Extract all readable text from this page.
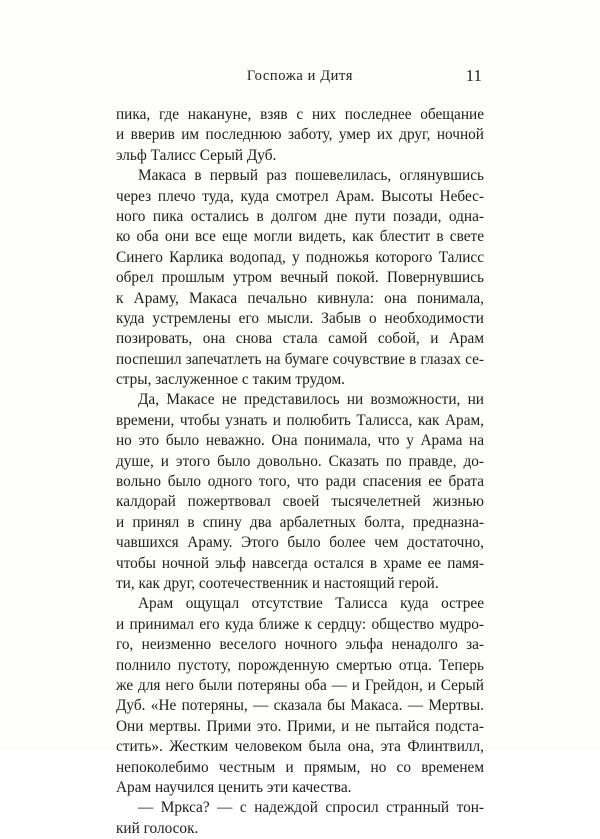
Госпожа и Дитя	11
пика, где накануне, взяв с них последнее обещание
и вверив им последнюю заботу, умер их друг, ночной
эльф Талисс Серый Дуб.
Макаса в первый раз пошевелилась, оглянувшись
через плечо туда, куда смотрел Арам. Высоты Небес-
ного пика остались в долгом дне пути позади, одна-
ко оба они все еще могли видеть, как блестит в свете
Синего Карлика водопад, у подножья которого Талисс
обрел прошлым утром вечный покой. Повернувшись
к Араму, Макаса печально кивнула: она понимала,
куда устремлены его мысли. Забыв о необходимости
позировать, она снова стала самой собой, и Арам
поспешил запечатлеть на бумаге сочувствие в глазах се-
стры, заслуженное с таким трудом.
Да, Макасе не представилось ни возможности, ни
времени, чтобы узнать и полюбить Талисса, как Арам,
но это было неважно. Она понимала, что у Арама на
душе, и этого было довольно. Сказать по правде, до-
вольно было одного того, что ради спасения ее брата
калдорай пожертвовал своей тысячелетней жизнью
и принял в спину два арбалетных болта, предназна-
чавшихся Араму. Этого было более чем достаточно,
чтобы ночной эльф навсегда остался в храме ее памя-
ти, как друг, соотечественник и настоящий герой.
Арам ощущал отсутствие Талисса куда острее
и принимал его куда ближе к сердцу: общество мудро-
го, неизменно веселого ночного эльфа ненадолго за-
полнило пустоту, порожденную смертью отца. Теперь
же для него были потеряны оба — и Грейдон, и Серый
Дуб. «Не потеряны, — сказала бы Макаса. — Мертвы.
Они мертвы. Прими это. Прими, и не пытайся подста-
стить». Жестким человеком была она, эта Флинтвилл,
непоколебимо честным и прямым, но со временем
Арам научился ценить эти качества.
— Мркса? — с надеждой спросил странный тон-
кий голосок.
